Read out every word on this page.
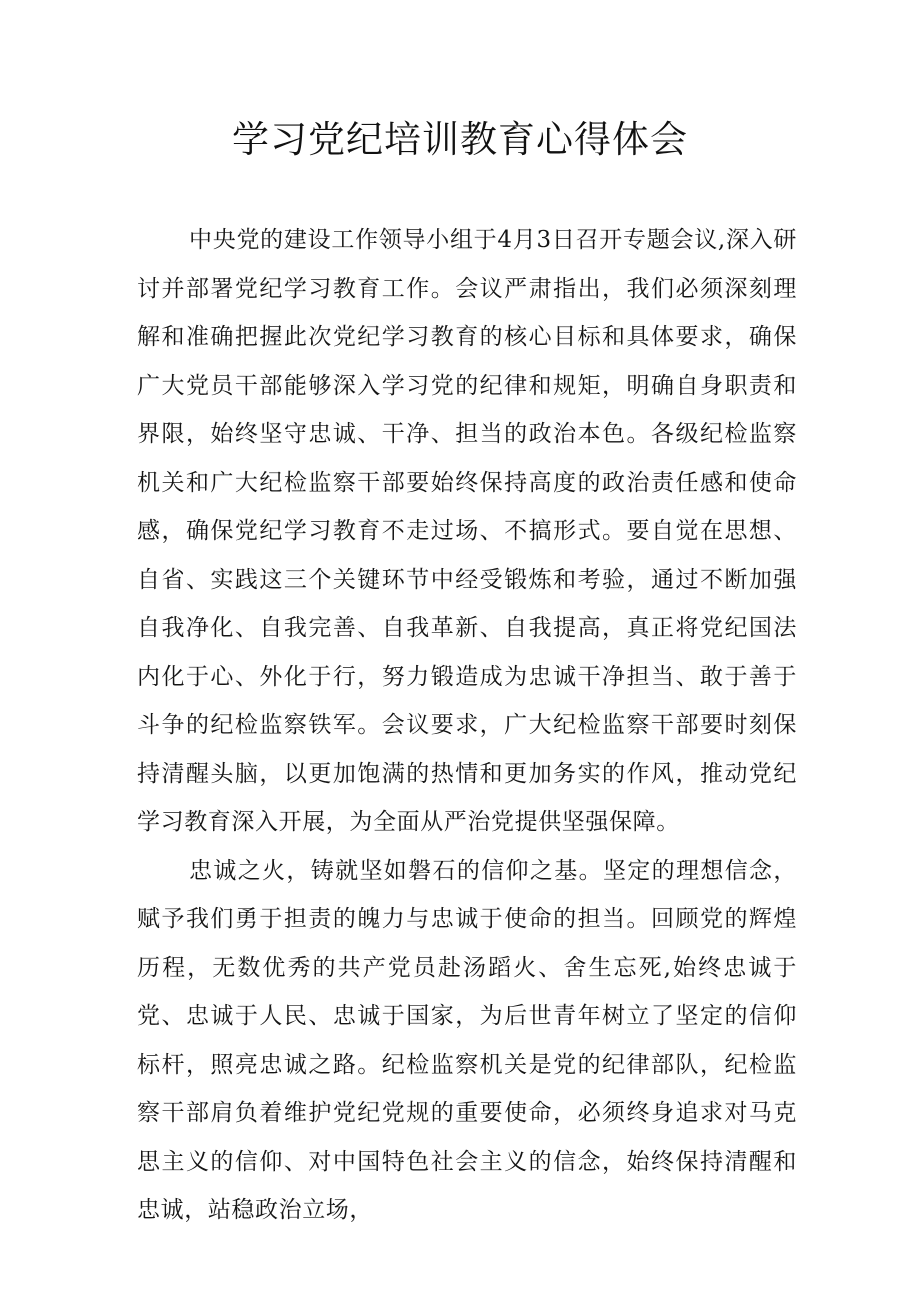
学习党纪培训教育心得体会

中央党的建设工作领导小组于4月3日召开专题会议,深入研讨并部署党纪学习教育工作。会议严肃指出，我们必须深刻理解和准确把握此次党纪学习教育的核心目标和具体要求，确保广大党员干部能够深入学习党的纪律和规矩，明确自身职责和界限，始终坚守忠诚、干净、担当的政治本色。各级纪检监察机关和广大纪检监察干部要始终保持高度的政治责任感和使命感，确保党纪学习教育不走过场、不搞形式。要自觉在思想、自省、实践这三个关键环节中经受锻炼和考验，通过不断加强自我净化、自我完善、自我革新、自我提高，真正将党纪国法内化于心、外化于行，努力锻造成为忠诚干净担当、敢于善于斗争的纪检监察铁军。会议要求，广大纪检监察干部要时刻保持清醒头脑，以更加饱满的热情和更加务实的作风，推动党纪学习教育深入开展，为全面从严治党提供坚强保障。

忠诚之火，铸就坚如磐石的信仰之基。坚定的理想信念，赋予我们勇于担责的魄力与忠诚于使命的担当。回顾党的辉煌历程，无数优秀的共产党员赴汤蹈火、舍生忘死,始终忠诚于党、忠诚于人民、忠诚于国家，为后世青年树立了坚定的信仰标杆，照亮忠诚之路。纪检监察机关是党的纪律部队，纪检监察干部肩负着维护党纪党规的重要使命，必须终身追求对马克思主义的信仰、对中国特色社会主义的信念，始终保持清醒和忠诚，站稳政治立场，
